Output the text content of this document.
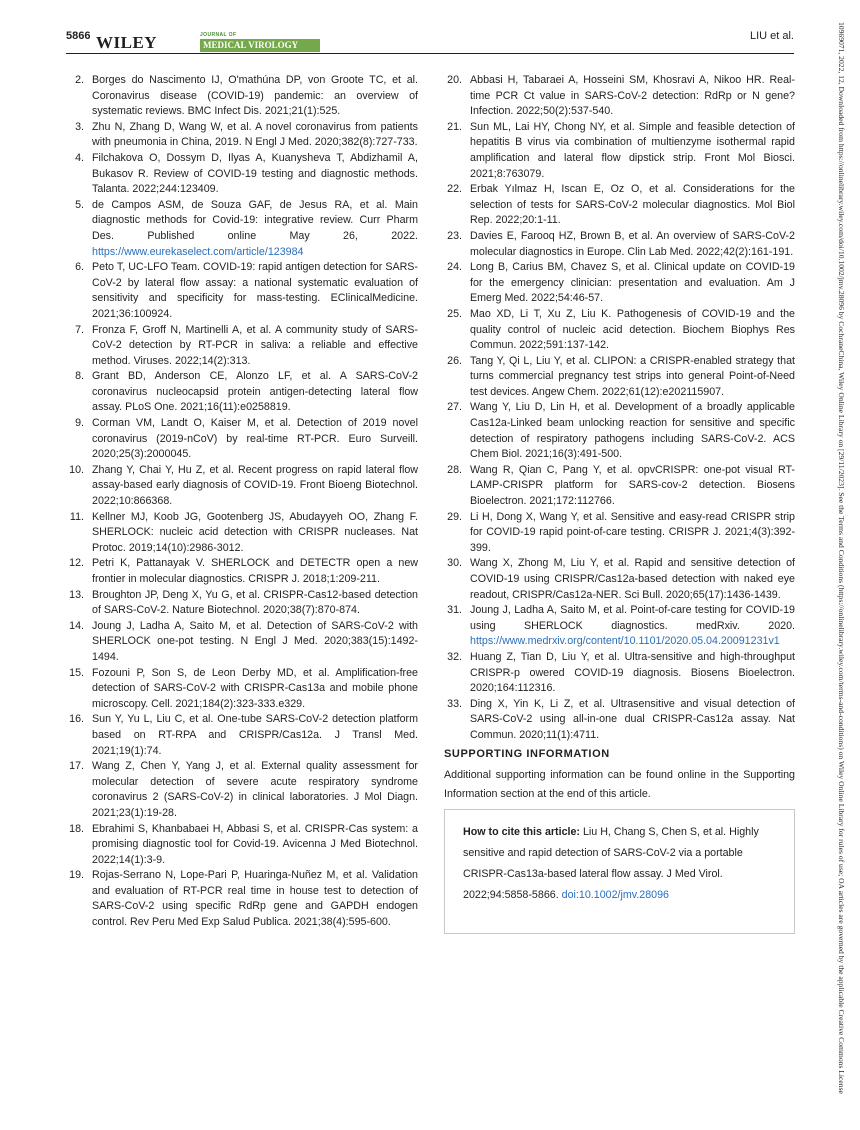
5866 WILEY	JOURNAL OF
MEDICAL VIROLOGY
LIU et al.
2. Borges do Nascimento IJ, O'mathúna DP, von Groote TC, et al. Coronavirus disease (COVID-19) pandemic: an overview of systematic reviews. BMC Infect Dis. 2021;21(1):525.
3. Zhu N, Zhang D, Wang W, et al. A novel coronavirus from patients with pneumonia in China, 2019. N Engl J Med. 2020;382(8):727-733.
4. Filchakova O, Dossym D, Ilyas A, Kuanysheva T, Abdizhamil A, Bukasov R. Review of COVID-19 testing and diagnostic methods. Talanta. 2022;244:123409.
5. de Campos ASM, de Souza GAF, de Jesus RA, et al. Main diagnostic methods for Covid-19: integrative review. Curr Pharm Des. Published online May 26, 2022. https://www.eurekaselect.com/article/123984
6. Peto T, UC-LFO Team. COVID-19: rapid antigen detection for SARS-CoV-2 by lateral flow assay: a national systematic evaluation of sensitivity and specificity for mass-testing. EClinicalMedicine. 2021;36:100924.
7. Fronza F, Groff N, Martinelli A, et al. A community study of SARS-CoV-2 detection by RT-PCR in saliva: a reliable and effective method. Viruses. 2022;14(2):313.
8. Grant BD, Anderson CE, Alonzo LF, et al. A SARS-CoV-2 coronavirus nucleocapsid protein antigen-detecting lateral flow assay. PLoS One. 2021;16(11):e0258819.
9. Corman VM, Landt O, Kaiser M, et al. Detection of 2019 novel coronavirus (2019-nCoV) by real-time RT-PCR. Euro Surveill. 2020;25(3):2000045.
10. Zhang Y, Chai Y, Hu Z, et al. Recent progress on rapid lateral flow assay-based early diagnosis of COVID-19. Front Bioeng Biotechnol. 2022;10:866368.
11. Kellner MJ, Koob JG, Gootenberg JS, Abudayyeh OO, Zhang F. SHERLOCK: nucleic acid detection with CRISPR nucleases. Nat Protoc. 2019;14(10):2986-3012.
12. Petri K, Pattanayak V. SHERLOCK and DETECTR open a new frontier in molecular diagnostics. CRISPR J. 2018;1:209-211.
13. Broughton JP, Deng X, Yu G, et al. CRISPR-Cas12-based detection of SARS-CoV-2. Nature Biotechnol. 2020;38(7):870-874.
14. Joung J, Ladha A, Saito M, et al. Detection of SARS-CoV-2 with SHERLOCK one-pot testing. N Engl J Med. 2020;383(15):1492-1494.
15. Fozouni P, Son S, de Leon Derby MD, et al. Amplification-free detection of SARS-CoV-2 with CRISPR-Cas13a and mobile phone microscopy. Cell. 2021;184(2):323-333.e329.
16. Sun Y, Yu L, Liu C, et al. One-tube SARS-CoV-2 detection platform based on RT-RPA and CRISPR/Cas12a. J Transl Med. 2021;19(1):74.
17. Wang Z, Chen Y, Yang J, et al. External quality assessment for molecular detection of severe acute respiratory syndrome coronavirus 2 (SARS-CoV-2) in clinical laboratories. J Mol Diagn. 2021;23(1):19-28.
18. Ebrahimi S, Khanbabaei H, Abbasi S, et al. CRISPR-Cas system: a promising diagnostic tool for Covid-19. Avicenna J Med Biotechnol. 2022;14(1):3-9.
19. Rojas-Serrano N, Lope-Pari P, Huaringa-Nuñez M, et al. Validation and evaluation of RT-PCR real time in house test to detection of SARS-CoV-2 using specific RdRp gene and GAPDH endogen control. Rev Peru Med Exp Salud Publica. 2021;38(4):595-600.
20. Abbasi H, Tabaraei A, Hosseini SM, Khosravi A, Nikoo HR. Real-time PCR Ct value in SARS-CoV-2 detection: RdRp or N gene? Infection. 2022;50(2):537-540.
21. Sun ML, Lai HY, Chong NY, et al. Simple and feasible detection of hepatitis B virus via combination of multienzyme isothermal rapid amplification and lateral flow dipstick strip. Front Mol Biosci. 2021;8:763079.
22. Erbak Yılmaz H, Iscan E, Oz O, et al. Considerations for the selection of tests for SARS-CoV-2 molecular diagnostics. Mol Biol Rep. 2022;20:1-11.
23. Davies E, Farooq HZ, Brown B, et al. An overview of SARS-CoV-2 molecular diagnostics in Europe. Clin Lab Med. 2022;42(2):161-191.
24. Long B, Carius BM, Chavez S, et al. Clinical update on COVID-19 for the emergency clinician: presentation and evaluation. Am J Emerg Med. 2022;54:46-57.
25. Mao XD, Li T, Xu Z, Liu K. Pathogenesis of COVID-19 and the quality control of nucleic acid detection. Biochem Biophys Res Commun. 2022;591:137-142.
26. Tang Y, Qi L, Liu Y, et al. CLIPON: a CRISPR-enabled strategy that turns commercial pregnancy test strips into general Point-of-Need test devices. Angew Chem. 2022;61(12):e202115907.
27. Wang Y, Liu D, Lin H, et al. Development of a broadly applicable Cas12a-Linked beam unlocking reaction for sensitive and specific detection of respiratory pathogens including SARS-CoV-2. ACS Chem Biol. 2021;16(3):491-500.
28. Wang R, Qian C, Pang Y, et al. opvCRISPR: one-pot visual RT-LAMP-CRISPR platform for SARS-cov-2 detection. Biosens Bioelectron. 2021;172:112766.
29. Li H, Dong X, Wang Y, et al. Sensitive and easy-read CRISPR strip for COVID-19 rapid point-of-care testing. CRISPR J. 2021;4(3):392-399.
30. Wang X, Zhong M, Liu Y, et al. Rapid and sensitive detection of COVID-19 using CRISPR/Cas12a-based detection with naked eye readout, CRISPR/Cas12a-NER. Sci Bull. 2020;65(17):1436-1439.
31. Joung J, Ladha A, Saito M, et al. Point-of-care testing for COVID-19 using SHERLOCK diagnostics. medRxiv. 2020. https://www.medrxiv.org/content/10.1101/2020.05.04.20091231v1
32. Huang Z, Tian D, Liu Y, et al. Ultra-sensitive and high-throughput CRISPR-p owered COVID-19 diagnosis. Biosens Bioelectron. 2020;164:112316.
33. Ding X, Yin K, Li Z, et al. Ultrasensitive and visual detection of SARS-CoV-2 using all-in-one dual CRISPR-Cas12a assay. Nat Commun. 2020;11(1):4711.
SUPPORTING INFORMATION

Additional supporting information can be found online in the Supporting Information section at the end of this article.

How to cite this article: Liu H, Chang S, Chen S, et al. Highly sensitive and rapid detection of SARS-CoV-2 via a portable CRISPR-Cas13a-based lateral flow assay. J Med Virol. 2022;94:5858-5866. doi:10.1002/jmv.28096	10969071, 2022, 12, Downloaded from https://onlinelibrary.wiley.com/doi/10.1002/jmv.28096 by CochraneChina, Wiley Online Library on [29/11/2023]. See the Terms and Conditions (https://onlinelibrary.wiley.com/terms-and-conditions) on Wiley Online Library for rules of use; OA articles are governed by the applicable Creative Commons License
